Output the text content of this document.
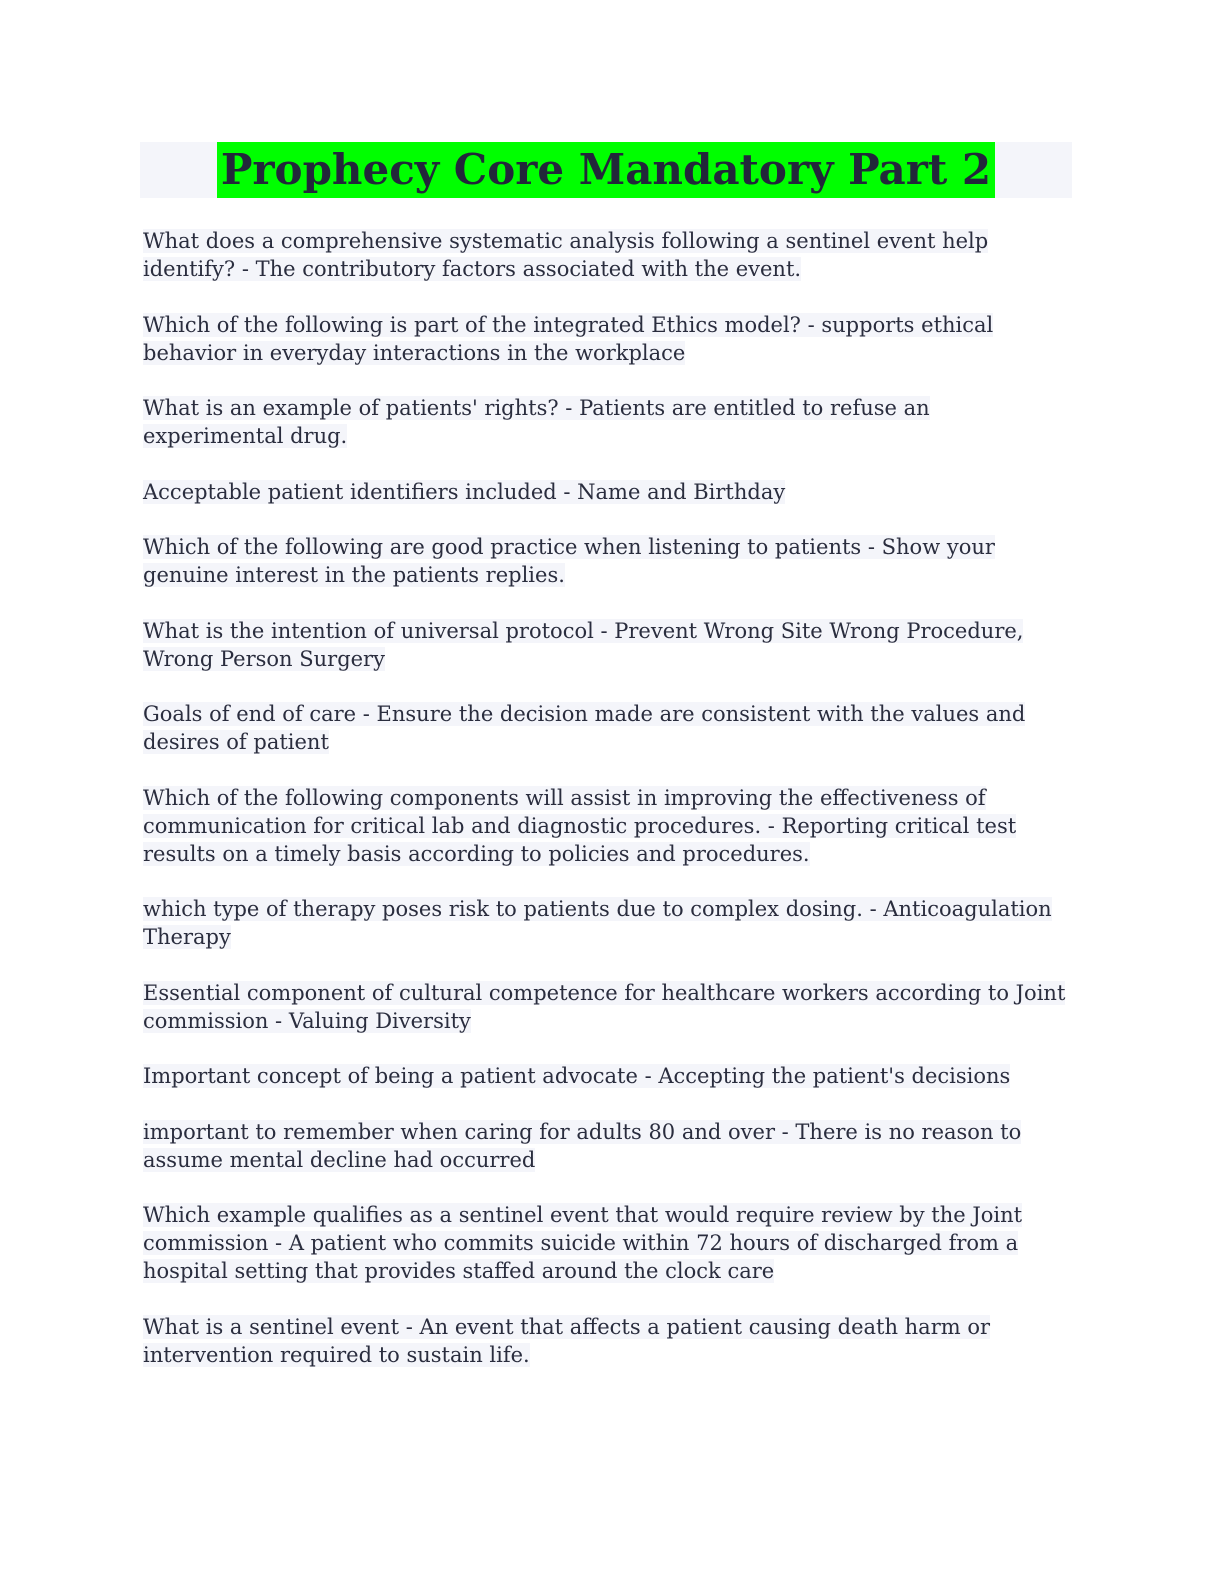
Prophecy Core Mandatory Part 2

What does a comprehensive systematic analysis following a sentinel event help identify? - The contributory factors associated with the event.

Which of the following is part of the integrated Ethics model? - supports ethical behavior in everyday interactions in the workplace

What is an example of patients' rights? - Patients are entitled to refuse an experimental drug.

Acceptable patient identifiers included - Name and Birthday

Which of the following are good practice when listening to patients - Show your genuine interest in the patients replies.

What is the intention of universal protocol - Prevent Wrong Site Wrong Procedure, Wrong Person Surgery

Goals of end of care - Ensure the decision made are consistent with the values and desires of patient

Which of the following components will assist in improving the effectiveness of communication for critical lab and diagnostic procedures. - Reporting critical test results on a timely basis according to policies and procedures.

which type of therapy poses risk to patients due to complex dosing. - Anticoagulation Therapy

Essential component of cultural competence for healthcare workers according to Joint commission - Valuing Diversity

Important concept of being a patient advocate - Accepting the patient's decisions

important to remember when caring for adults 80 and over - There is no reason to assume mental decline had occurred

Which example qualifies as a sentinel event that would require review by the Joint commission - A patient who commits suicide within 72 hours of discharged from a hospital setting that provides staffed around the clock care

What is a sentinel event - An event that affects a patient causing death harm or intervention required to sustain life.
